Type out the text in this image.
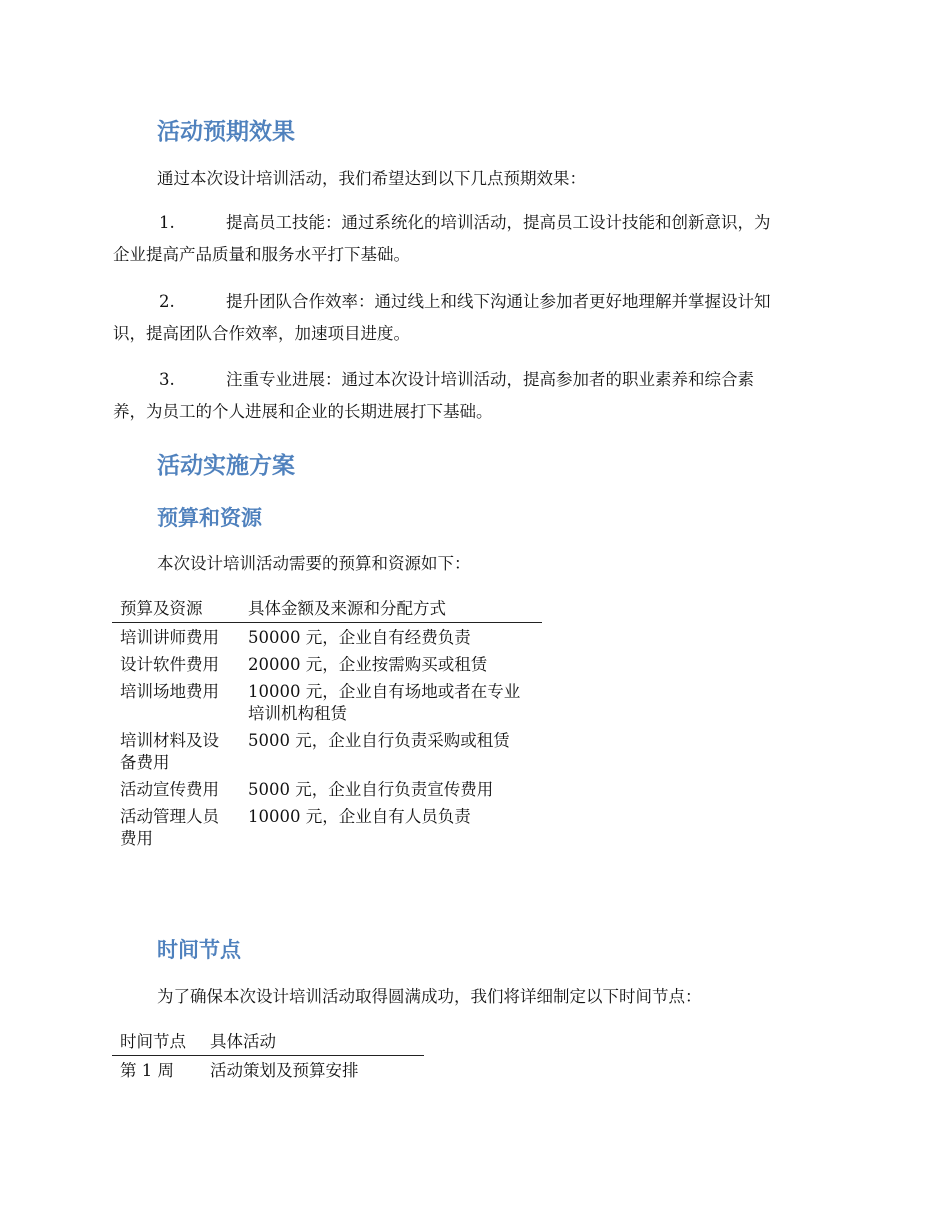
活动预期效果

通过本次设计培训活动，我们希望达到以下几点预期效果：

1.	提高员工技能：通过系统化的培训活动，提高员工设计技能和创新意识，为
企业提高产品质量和服务水平打下基础。
2.	提升团队合作效率：通过线上和线下沟通让参加者更好地理解并掌握设计知
识，提高团队合作效率，加速项目进度。
3.	注重专业进展：通过本次设计培训活动，提高参加者的职业素养和综合素
养，为员工的个人进展和企业的长期进展打下基础。
活动实施方案
预算和资源

本次设计培训活动需要的预算和资源如下：

预算及资源	具体金额及来源和分配方式
培训讲师费用	50000 元，企业自有经费负责
设计软件费用	20000 元，企业按需购买或租赁
培训场地费用	10000 元，企业自有场地或者在专业培训机构租赁
培训材料及设备费用	5000 元，企业自行负责采购或租赁
活动宣传费用	5000 元，企业自行负责宣传费用
活动管理人员费用	10000 元，企业自有人员负责
时间节点

为了确保本次设计培训活动取得圆满成功，我们将详细制定以下时间节点：

时间节点	具体活动
第 1 周	活动策划及预算安排
